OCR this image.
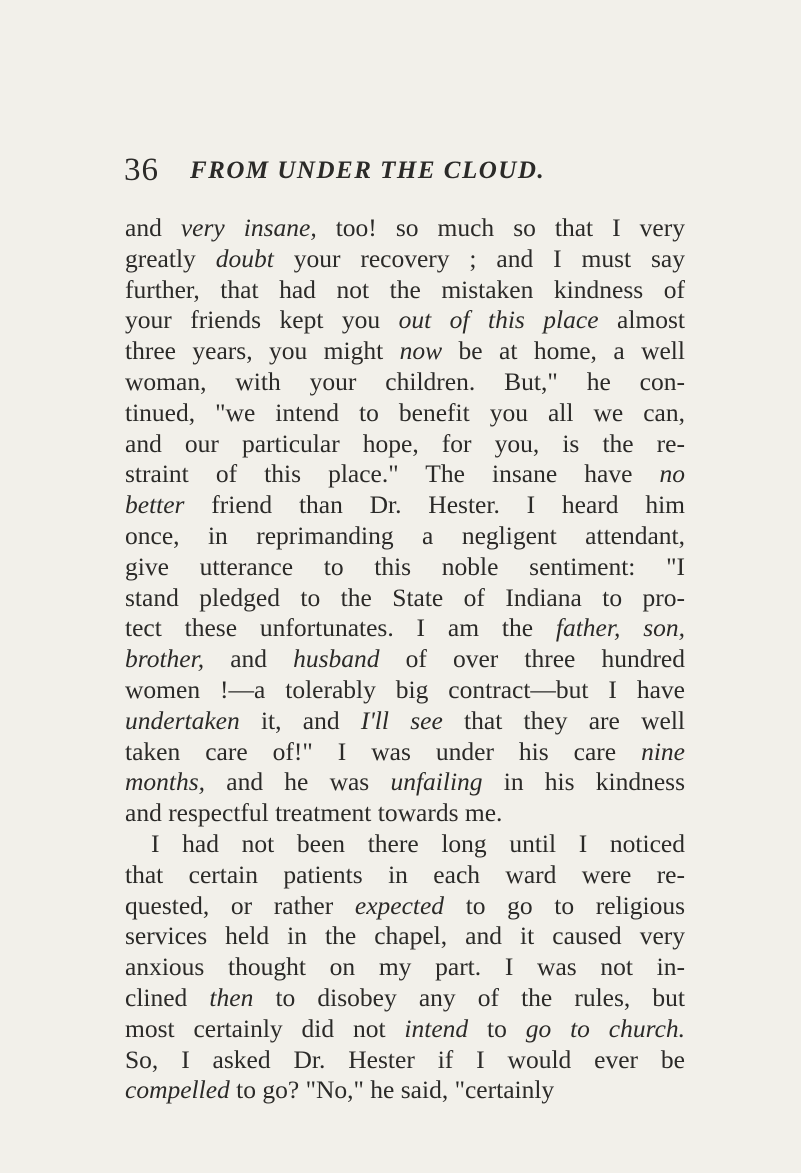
36 FROM UNDER THE CLOUD.
and very insane, too! so much so that I very
greatly doubt your recovery ; and I must say
further, that had not the mistaken kindness of
your friends kept you out of this place almost
three years, you might now be at home, a well
woman, with your children. But," he con-
tinued, "we intend to benefit you all we can,
and our particular hope, for you, is the re-
straint of this place." The insane have no
better friend than Dr. Hester. I heard him
once, in reprimanding a negligent attendant,
give utterance to this noble sentiment: "I
stand pledged to the State of Indiana to pro-
tect these unfortunates. I am the father, son,
brother, and husband of over three hundred
women !—a tolerably big contract—but I have
undertaken it, and I'll see that they are well
taken care of!" I was under his care nine
months, and he was unfailing in his kindness
and respectful treatment towards me.
I had not been there long until I noticed
that certain patients in each ward were re-
quested, or rather expected to go to religious
services held in the chapel, and it caused very
anxious thought on my part. I was not in-
clined then to disobey any of the rules, but
most certainly did not intend to go to church.
So, I asked Dr. Hester if I would ever be
compelled to go? "No," he said, "certainly
